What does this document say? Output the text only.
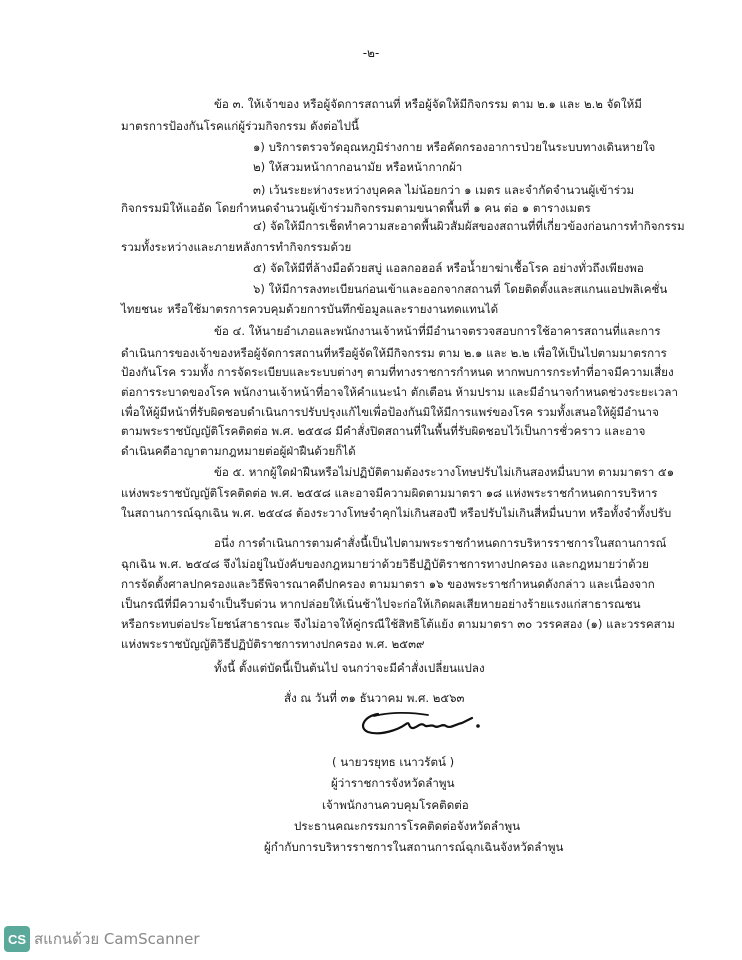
-๒-
ข้อ ๓. ให้เจ้าของ หรือผู้จัดการสถานที่ หรือผู้จัดให้มีกิจกรรม ตาม ๒.๑ และ ๒.๒ จัดให้มี
มาตรการป้องกันโรคแก่ผู้ร่วมกิจกรรม ดังต่อไปนี้
๑) บริการตรวจวัดอุณหภูมิร่างกาย หรือคัดกรองอาการป่วยในระบบทางเดินหายใจ
๒) ให้สวมหน้ากากอนามัย หรือหน้ากากผ้า
๓) เว้นระยะห่างระหว่างบุคคล ไม่น้อยกว่า ๑ เมตร และจำกัดจำนวนผู้เข้าร่วม
กิจกรรมมิให้แออัด โดยกำหนดจำนวนผู้เข้าร่วมกิจกรรมตามขนาดพื้นที่ ๑ คน ต่อ ๑ ตารางเมตร
๔) จัดให้มีการเช็ดทำความสะอาดพื้นผิวสัมผัสของสถานที่ที่เกี่ยวข้องก่อนการทำกิจกรรม
รวมทั้งระหว่างและภายหลังการทำกิจกรรมด้วย
๕) จัดให้มีที่ล้างมือด้วยสบู่ แอลกอฮอล์ หรือน้ำยาฆ่าเชื้อโรค อย่างทั่วถึงเพียงพอ
๖) ให้มีการลงทะเบียนก่อนเข้าและออกจากสถานที่ โดยติดตั้งและสแกนแอปพลิเคชั่น
ไทยชนะ หรือใช้มาตรการควบคุมด้วยการบันทึกข้อมูลและรายงานทดแทนได้
ข้อ ๔. ให้นายอำเภอและพนักงานเจ้าหน้าที่มีอำนาจตรวจสอบการใช้อาคารสถานที่และการ
ดำเนินการของเจ้าของหรือผู้จัดการสถานที่หรือผู้จัดให้มีกิจกรรม ตาม ๒.๑ และ ๒.๒ เพื่อให้เป็นไปตามมาตรการ
ป้องกันโรค รวมทั้ง การจัดระเบียบและระบบต่างๆ ตามที่ทางราชการกำหนด หากพบการกระทำที่อาจมีความเสี่ยง
ต่อการระบาดของโรค พนักงานเจ้าหน้าที่อาจให้คำแนะนำ ตักเตือน ห้ามปราม และมีอำนาจกำหนดช่วงระยะเวลา
เพื่อให้ผู้มีหน้าที่รับผิดชอบดำเนินการปรับปรุงแก้ไขเพื่อป้องกันมิให้มีการแพร่ของโรค รวมทั้งเสนอให้ผู้มีอำนาจ
ตามพระราชบัญญัติโรคติดต่อ พ.ศ. ๒๕๕๘ มีคำสั่งปิดสถานที่ในพื้นที่รับผิดชอบไว้เป็นการชั่วคราว และอาจ
ดำเนินคดีอาญาตามกฎหมายต่อผู้ฝ่าฝืนด้วยก็ได้
ข้อ ๕. หากผู้ใดฝ่าฝืนหรือไม่ปฏิบัติตามต้องระวางโทษปรับไม่เกินสองหมื่นบาท ตามมาตรา ๕๑
แห่งพระราชบัญญัติโรคติดต่อ พ.ศ. ๒๕๕๘ และอาจมีความผิดตามมาตรา ๑๘ แห่งพระราชกำหนดการบริหาร
ในสถานการณ์ฉุกเฉิน พ.ศ. ๒๕๔๘ ต้องระวางโทษจำคุกไม่เกินสองปี หรือปรับไม่เกินสี่หมื่นบาท หรือทั้งจำทั้งปรับ
อนึ่ง การดำเนินการตามคำสั่งนี้เป็นไปตามพระราชกำหนดการบริหารราชการในสถานการณ์
ฉุกเฉิน พ.ศ. ๒๕๔๘ จึงไม่อยู่ในบังคับของกฎหมายว่าด้วยวิธีปฏิบัติราชการทางปกครอง และกฎหมายว่าด้วย
การจัดตั้งศาลปกครองและวิธีพิจารณาคดีปกครอง ตามมาตรา ๑๖ ของพระราชกำหนดดังกล่าว และเนื่องจาก
เป็นกรณีที่มีความจำเป็นรีบด่วน หากปล่อยให้เนิ่นช้าไปจะก่อให้เกิดผลเสียหายอย่างร้ายแรงแก่สาธารณชน
หรือกระทบต่อประโยชน์สาธารณะ จึงไม่อาจให้คู่กรณีใช้สิทธิโต้แย้ง ตามมาตรา ๓๐ วรรคสอง (๑) และวรรคสาม
แห่งพระราชบัญญัติวิธีปฏิบัติราชการทางปกครอง พ.ศ. ๒๕๓๙
ทั้งนี้ ตั้งแต่บัดนี้เป็นต้นไป จนกว่าจะมีคำสั่งเปลี่ยนแปลง
สั่ง ณ วันที่ ๓๑ ธันวาคม พ.ศ. ๒๕๖๓
( นายวรยุทธ เนาวรัตน์ )
ผู้ว่าราชการจังหวัดลำพูน
เจ้าพนักงานควบคุมโรคติดต่อ
ประธานคณะกรรมการโรคติดต่อจังหวัดลำพูน
ผู้กำกับการบริหารราชการในสถานการณ์ฉุกเฉินจังหวัดลำพูน
CS สแกนด้วย CamScanner
